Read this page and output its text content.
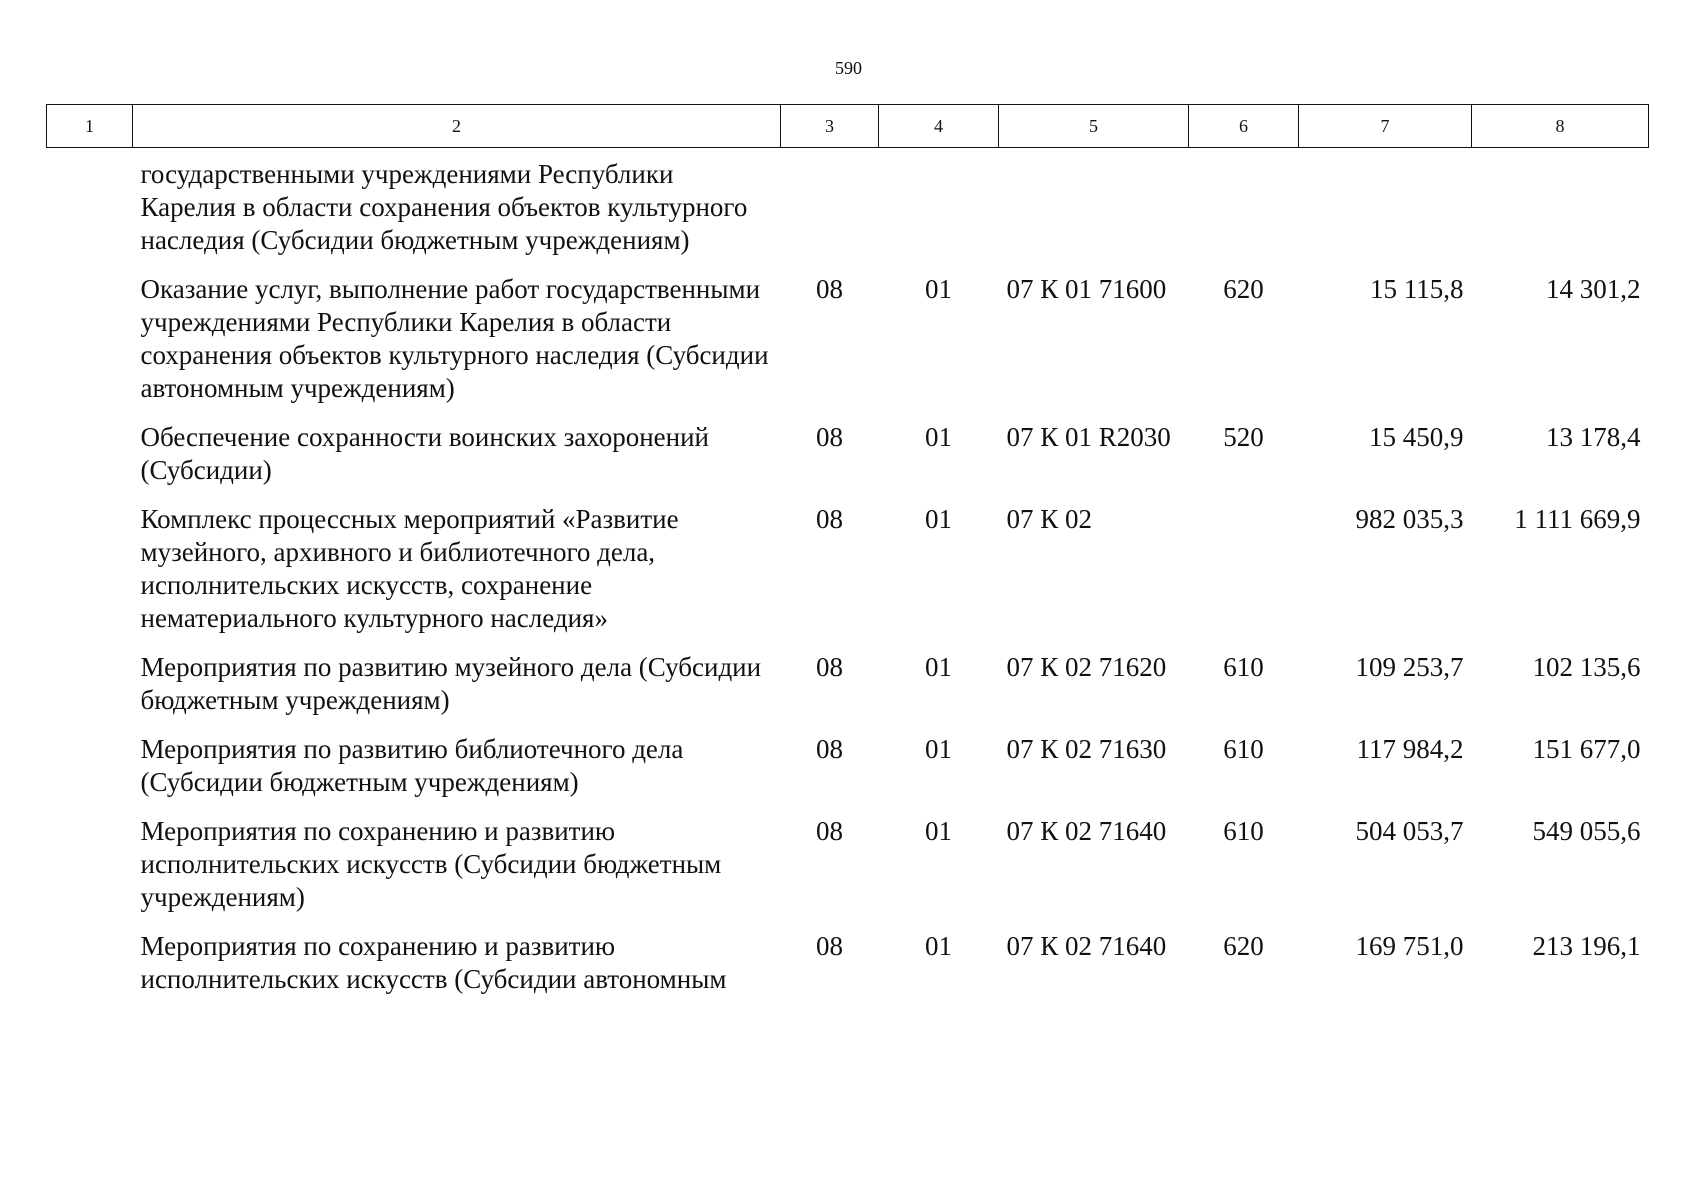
590
1	2	3	4	5	6	7	8
	государственными учреждениями Республики Карелия в области сохранения объектов культурного наследия (Субсидии бюджетным учреждениям)						
	Оказание услуг, выполнение работ государственными учреждениями Республики Карелия в области сохранения объектов культурного наследия (Субсидии автономным учреждениям)	08	01	07 К 01 71600	620	15 115,8	14 301,2
	Обеспечение сохранности воинских захоронений (Субсидии)	08	01	07 К 01 R2030	520	15 450,9	13 178,4
	Комплекс процессных мероприятий «Развитие музейного, архивного и библиотечного дела, исполнительских искусств, сохранение нематериального культурного наследия»	08	01	07 К 02		982 035,3	1 111 669,9
	Мероприятия по развитию музейного дела (Субсидии бюджетным учреждениям)	08	01	07 К 02 71620	610	109 253,7	102 135,6
	Мероприятия по развитию библиотечного дела (Субсидии бюджетным учреждениям)	08	01	07 К 02 71630	610	117 984,2	151 677,0
	Мероприятия по сохранению и развитию исполнительских искусств (Субсидии бюджетным учреждениям)	08	01	07 К 02 71640	610	504 053,7	549 055,6
	Мероприятия по сохранению и развитию исполнительских искусств (Субсидии автономным	08	01	07 К 02 71640	620	169 751,0	213 196,1
